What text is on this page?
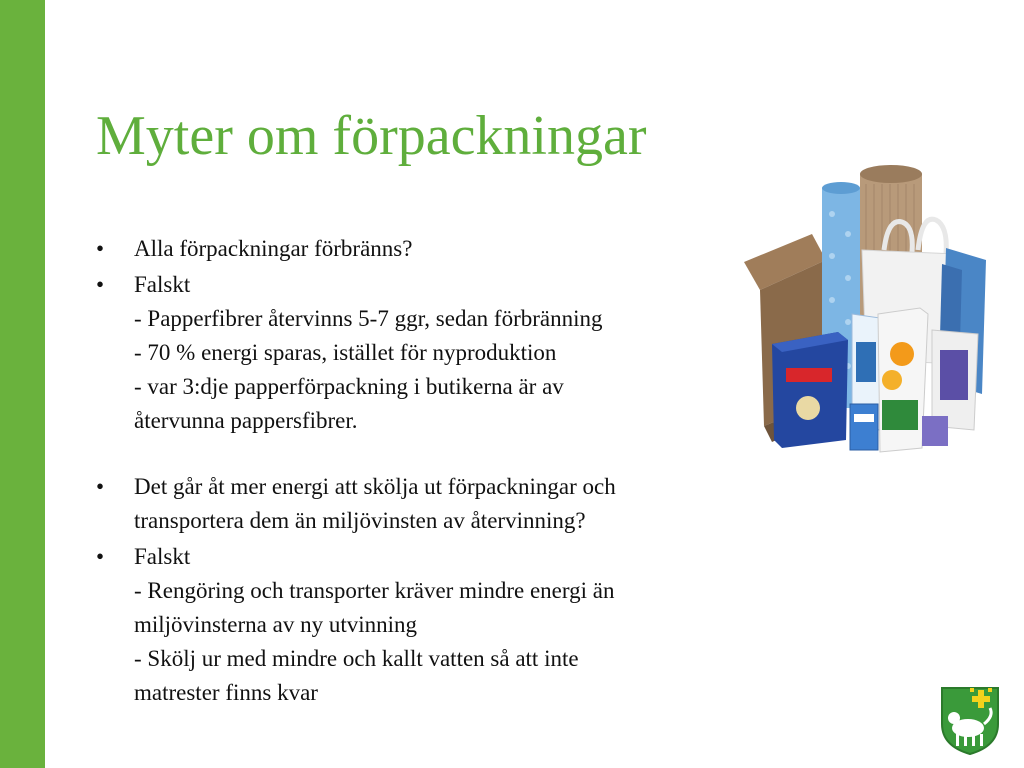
Myter om förpackningar
• Alla förpackningar förbränns?
• Falskt
- Papperfibrer återvinns 5-7 ggr, sedan förbränning
- 70 % energi sparas, istället för nyproduktion
- var 3:dje papperförpackning i butikerna är av
återvunna pappersfibrer.
• Det går åt mer energi att skölja ut förpackningar och
transportera dem än miljövinsten av återvinning?
• Falskt
- Rengöring och transporter kräver mindre energi än
miljövinsterna av ny utvinning
- Skölj ur med mindre och kallt vatten så att inte
matrester finns kvar
